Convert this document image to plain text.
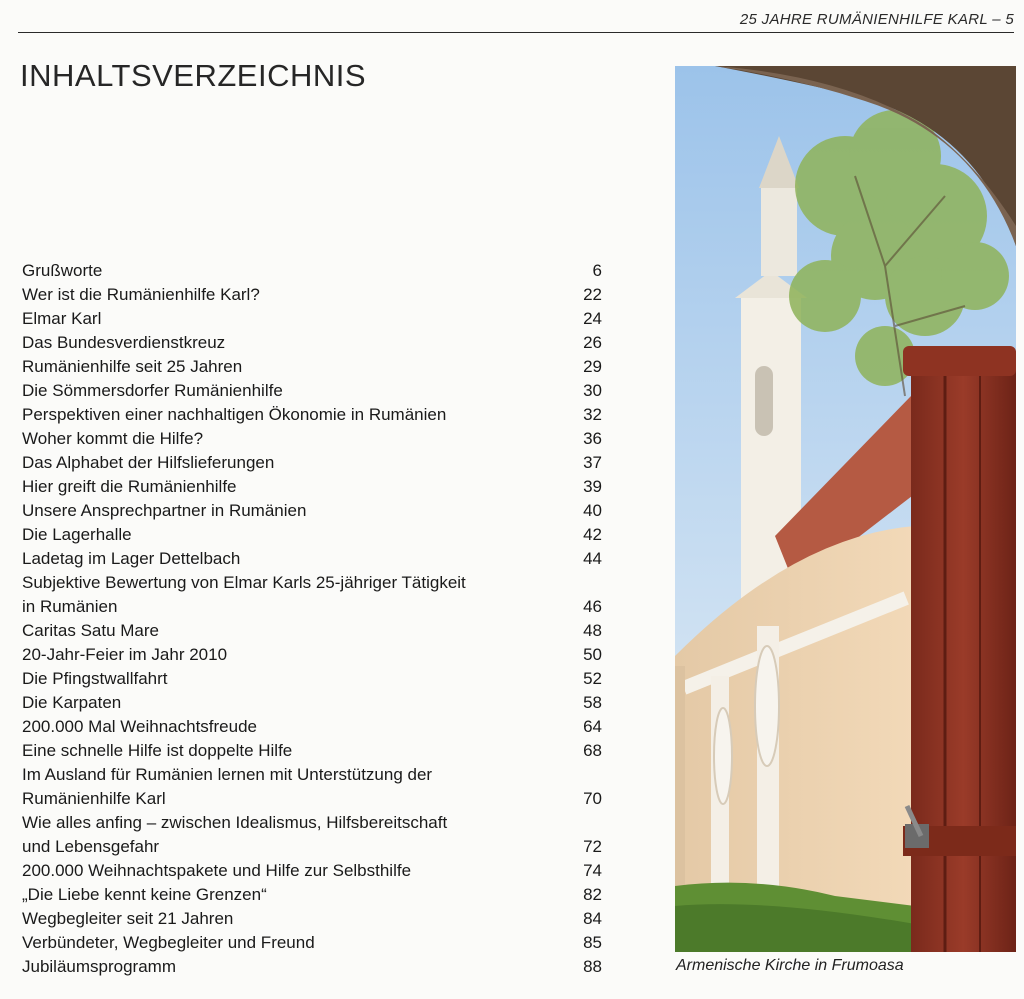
25 JAHRE RUMÄNIENHILFE KARL – 5
INHALTSVERZEICHNIS
Grußworte	6
Wer ist die Rumänienhilfe Karl?	22
Elmar Karl	24
Das Bundesverdienstkreuz	26
Rumänienhilfe seit 25 Jahren	29
Die Sömmersdorfer Rumänienhilfe	30
Perspektiven einer nachhaltigen Ökonomie in Rumänien	32
Woher kommt die Hilfe?	36
Das Alphabet der Hilfslieferungen	37
Hier greift die Rumänienhilfe	39
Unsere Ansprechpartner in Rumänien	40
Die Lagerhalle	42
Ladetag im Lager Dettelbach	44
Subjektive Bewertung von Elmar Karls 25-jähriger Tätigkeit
in Rumänien	46
Caritas Satu Mare	48
20-Jahr-Feier im Jahr 2010	50
Die Pfingstwallfahrt	52
Die Karpaten	58
200.000 Mal Weihnachtsfreude	64
Eine schnelle Hilfe ist doppelte Hilfe	68
Im Ausland für Rumänien lernen mit Unterstützung der
Rumänienhilfe Karl	70
Wie alles anfing – zwischen Idealismus, Hilfsbereitschaft
und Lebensgefahr	72
200.000 Weihnachtspakete und Hilfe zur Selbsthilfe	74
„Die Liebe kennt keine Grenzen“	82
Wegbegleiter seit 21 Jahren	84
Verbündeter, Wegbegleiter und Freund	85
Jubiläumsprogramm	88	Armenische Kirche in Frumoasa
